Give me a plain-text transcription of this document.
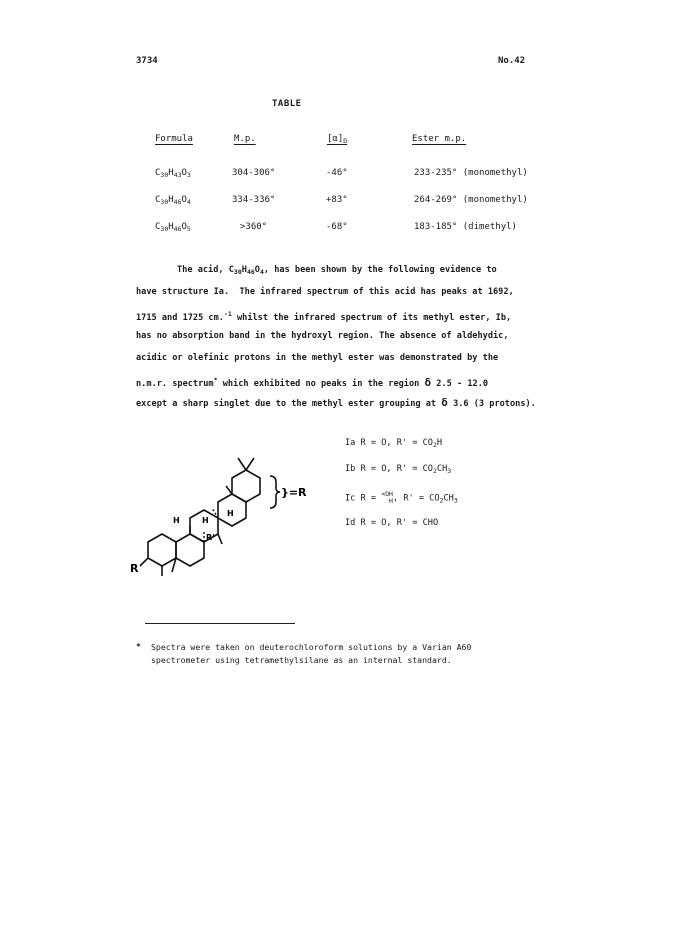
3734	No.42
TABLE
Formula	M.p.	$[\alpha]_D$	Ester m.p.
$C_{30}H_{43}O_3$	304-306°	-46°	233-235° (monomethyl)
$C_{30}H_{46}O_4$	334-336°	+83°	264-269° (monomethyl)
$C_{30}H_{46}O_5$	>360°	-68°	183-185° (dimethyl)
The acid, $C_{30}H_{46}O_4$, has been shown by the following evidence to
have structure Ia.  The infrared spectrum of this acid has peaks at 1692,
1715 and 1725 cm.$^{-1}$ whilst the infrared spectrum of its methyl ester, Ib,
has no absorption band in the hydroxyl region. The absence of aldehydic,
acidic or olefinic protons in the methyl ester was demonstrated by the
n.m.r. spectrum* which exhibited no peaks in the region δ 2.5 - 12.0
except a sharp singlet due to the methyl ester grouping at δ 3.6 (3 protons).
}=R
R
R'
H	H
H
Ia R = O, $R' = CO_2H$
Ib R = O, $R' = CO_2CH_3$
Ic R = <OH
H, $R' = CO_2CH_3$
Id R = O, R' = CHO
* Spectra were taken on deuterochloroform solutions by a Varian A60
spectrometer using tetramethylsilane as an internal standard.
